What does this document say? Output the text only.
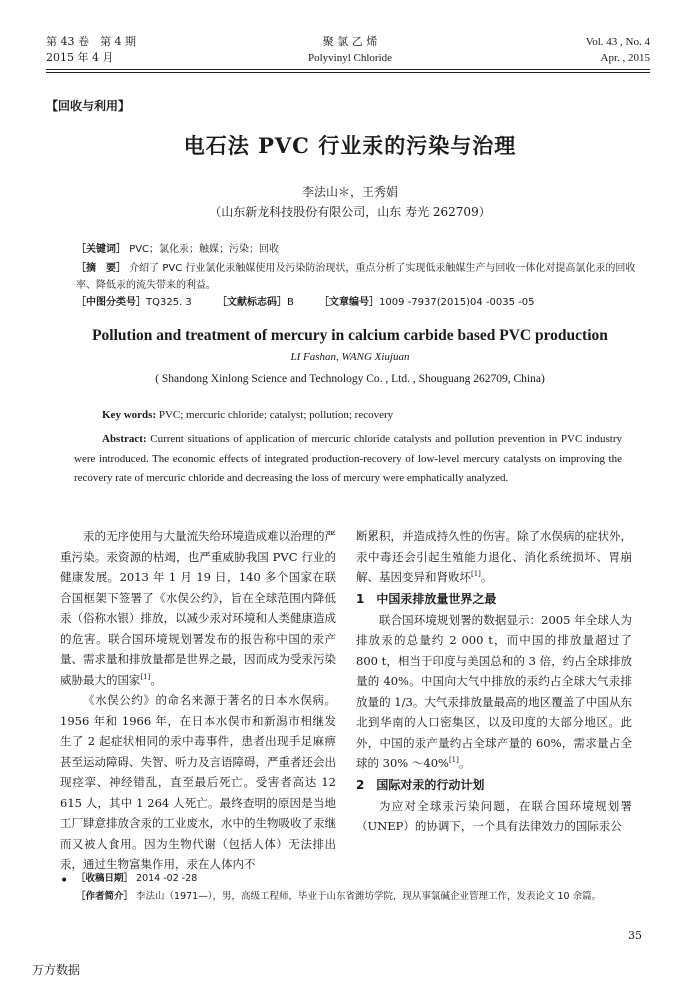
第 43 卷　第 4 期
2015 年 4 月
聚 氯 乙 烯
Polyvinyl Chloride
Vol. 43 , No. 4
Apr. , 2015
【回收与利用】
电石法 PVC 行业汞的污染与治理
李法山＊，王秀娟
（山东新龙科技股份有限公司，山东 寿光 262709）
［关键词］ PVC；氯化汞；触媒；污染；回收
［摘　要］ 介绍了 PVC 行业氯化汞触媒使用及污染防治现状，重点分析了实现低汞触媒生产与回收一体化对提高氯化汞的回收率、降低汞的流失带来的利益。
［中图分类号］TQ325. 3	［文献标志码］B	［文章编号］1009 -7937(2015)04 -0035 -05
Pollution and treatment of mercury in calcium carbide based PVC production
LI Fashan, WANG Xiujuan
( Shandong Xinlong Science and Technology Co. , Ltd. , Shouguang 262709, China)
Key words: PVC; mercuric chloride; catalyst; pollution; recovery
Abstract: Current situations of application of mercuric chloride catalysts and pollution prevention in PVC industry were introduced. The economic effects of integrated production-recovery of low-level mercury catalysts on improving the recovery rate of mercuric chloride and decreasing the loss of mercury were emphatically analyzed.

汞的无序使用与大量流失给环境造成难以治理的严重污染。汞资源的枯竭，也严重威胁我国 PVC 行业的健康发展。2013 年 1 月 19 日，140 多个国家在联合国框架下签署了《水俣公约》，旨在全球范围内降低汞（俗称水银）排放，以减少汞对环境和人类健康造成的危害。联合国环境规划署发布的报告称中国的汞产量、需求量和排放量都是世界之最，因而成为受汞污染威胁最大的国家[1]。

《水俣公约》的命名来源于著名的日本水俣病。1956 年和 1966 年，在日本水俣市和新潟市相继发生了 2 起症状相同的汞中毒事件，患者出现手足麻痹甚至运动障碍、失智、听力及言语障碍，严重者还会出现痉挛、神经错乱，直至最后死亡。受害者高达 12 615 人，其中 1 264 人死亡。最终查明的原因是当地工厂肆意排放含汞的工业废水，水中的生物吸收了汞继而又被人食用。因为生物代谢（包括人体）无法排出汞，通过生物富集作用，汞在人体内不

断累积，并造成持久性的伤害。除了水俣病的症状外，汞中毒还会引起生殖能力退化、消化系统损坏、胃崩解、基因变异和肾败坏[1]。

1　中国汞排放量世界之最

联合国环境规划署的数据显示：2005 年全球人为排放汞的总量约 2 000 t，而中国的排放量超过了 800 t，相当于印度与美国总和的 3 倍，约占全球排放量的 40%。中国向大气中排放的汞约占全球大气汞排放量的 1/3。大气汞排放量最高的地区覆盖了中国从东北到华南的人口密集区，以及印度的大部分地区。此外，中国的汞产量约占全球产量的 60%，需求量占全球的 30% ～40%[1]。

2　国际对汞的行动计划

为应对全球汞污染问题，在联合国环境规划署（UNEP）的协调下，一个具有法律效力的国际汞公

• ［收稿日期］ 2014 -02 -28
［作者简介］ 李法山（1971—），男，高级工程师，毕业于山东省潍坊学院，现从事氯碱企业管理工作，发表论文 10 余篇。
35
万方数据
